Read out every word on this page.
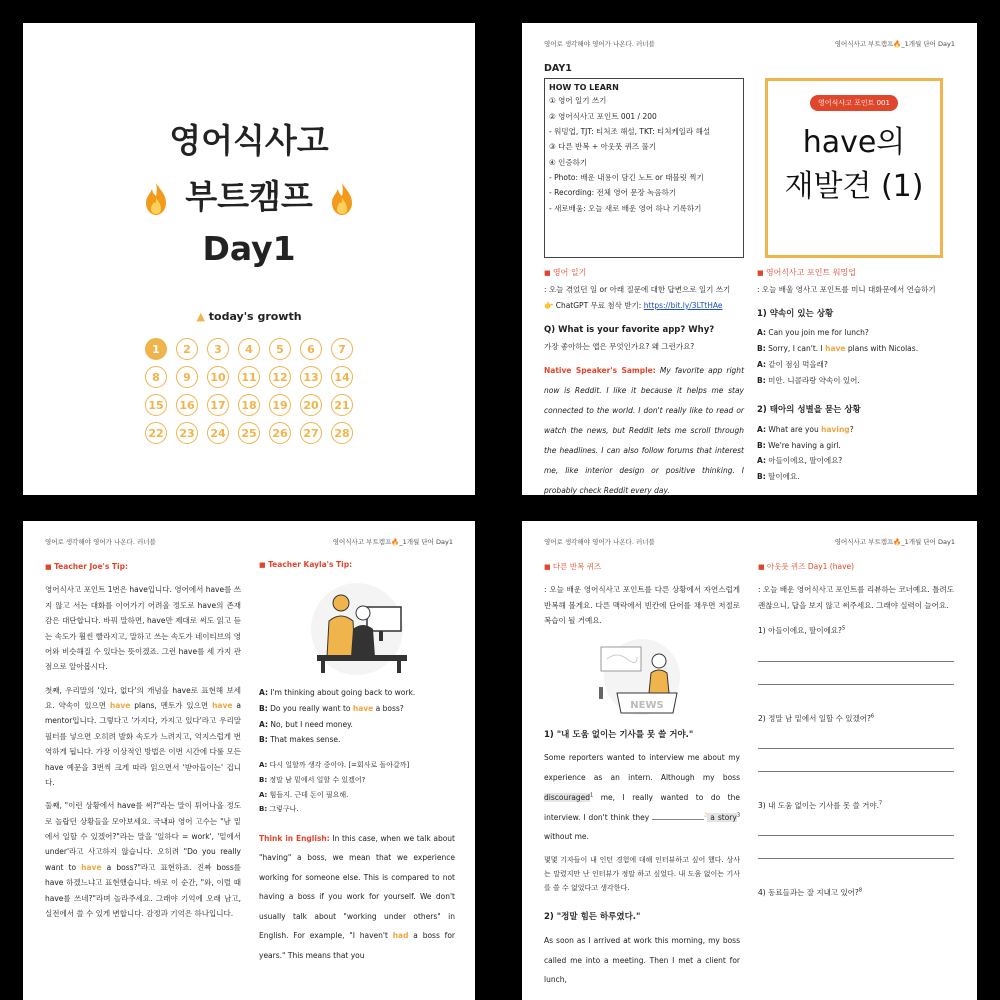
영어식사고
부트캠프
Day1
▲ today's growth
1	2	3	4	5	6	7
8	9	10	11	12	13	14
15	16	17	18	19	20	21
22	23	24	25	26	27	28
영어로 생각해야 영어가 나온다. 러너블	영어식사고 부트캠프🔥_1개월 단어 Day1
DAY1
HOW TO LEARN
① 영어 일기 쓰기
② 영어식사고 포인트 001 / 200
- 워밍업, TJT: 티처조 해설, TKT: 티처케일라 해설
③ 다른 반복 + 아웃풋 퀴즈 풀기
④ 인증하기
- Photo: 배운 내용이 담긴 노트 or 태블릿 찍기
- Recording: 전체 영어 문장 녹음하기
- 새로배움: 오늘 새로 배운 영어 하나 기록하기
영어식사고 포인트 001
have의
재발견 (1)
■ 영어 일기
: 오늘 겪었던 일 or 아래 질문에 대한 답변으로 일기 쓰기
👉 ChatGPT 무료 첨삭 받기: https://bit.ly/3LTtHAe
Q) What is your favorite app? Why?
가장 좋아하는 앱은 무엇인가요? 왜 그런가요?
Native Speaker's Sample: My favorite app right now is Reddit. I like it because it helps me stay connected to the world. I don't really like to read or watch the news, but Reddit lets me scroll through the headlines. I can also follow forums that interest me, like interior design or positive thinking. I probably check Reddit every day.
■ 영어식사고 포인트 워밍업
: 오늘 배울 영사고 포인트를 미니 대화문에서 연습하기
1) 약속이 있는 상황
A: Can you join me for lunch?
B: Sorry, I can't. I have plans with Nicolas.
A: 같이 점심 먹을래?
B: 미안. 니콜라랑 약속이 있어.
2) 태아의 성별을 묻는 상황
A: What are you having?
B: We're having a girl.
A: 아들이에요, 딸이에요?
B: 딸이에요.
영어로 생각해야 영어가 나온다. 러너블	영어식사고 부트캠프🔥_1개월 단어 Day1
■ Teacher Joe's Tip:

영어식사고 포인트 1번은 have입니다. 영어에서 have를 쓰지 않고 서는 대화를 이어가기 어려울 정도로 have의 존재감은 대단합니다. 바꿔 말하면, have만 제대로 써도 읽고 듣는 속도가 훨씬 빨라지고, 말하고 쓰는 속도가 네이티브의 영어와 비슷해질 수 있다는 뜻이겠죠. 그런 have를 세 가지 관점으로 알아봅시다.

첫째, 우리말의 '있다, 없다'의 개념을 have로 표현해 보세요. 약속이 있으면 have plans, 멘토가 있으면 have a mentor입니다. 그렇다고 '가지다, 가지고 있다'라고 우리말 필터를 넣으면 오히려 발화 속도가 느려지고, 억지스럽게 번역하게 됩니다. 가장 이상적인 방법은 이번 시간에 다룰 모든 have 예문을 3번씩 크게 따라 읽으면서 '받아들이는' 겁니다.

둘째, "이런 상황에서 have를 써?"라는 말이 튀어나올 정도로 놀랍던 상황들을 모아보세요. 국내파 영어 고수는 "남 밑에서 일할 수 있겠어?"라는 말을 '일하다 = work', '밑에서 under'라고 사고하지 않습니다. 오히려 "Do you really want to have a boss?"라고 표현하죠. 진짜 boss를 have 하겠느냐고 표현했습니다. 바로 이 순간, "와, 이럴 때 have를 쓰네?"라며 놀라주세요. 그래야 기억에 오래 남고, 실전에서 쓸 수 있게 변합니다. 감정과 기억은 하나입니다.

■ Teacher Kayla's Tip:
A: I'm thinking about going back to work.
B: Do you really want to have a boss?
A: No, but I need money.
B: That makes sense.
A: 다시 일할까 생각 중이야. [=회사로 돌아갈까]
B: 정말 남 밑에서 일할 수 있겠어?
A: 힘들지. 근데 돈이 필요해.
B: 그렇구나.
Think in English: In this case, when we talk about "having" a boss, we mean that we experience working for someone else. This is compared to not having a boss if you work for yourself. We don't usually talk about "working under others" in English. For example, "I haven't had a boss for years." This means that you
영어로 생각해야 영어가 나온다. 러너블	영어식사고 부트캠프🔥_1개월 단어 Day1
■ 다른 반복 퀴즈

: 오늘 배운 영어식사고 포인트를 다른 상황에서 자연스럽게 반복해 볼게요. 다른 맥락에서 빈칸에 단어를 채우면 저절로 복습이 될 거예요.

NEWS
1) "내 도움 없이는 기사를 못 쓸 거야."
Some reporters wanted to interview me about my experience as an intern. Although my boss discouraged$^1$ me, I really wanted to do the interview. I don't think they	$^2$ a story$^3$ without me.
몇몇 기자들이 내 인턴 경험에 대해 인터뷰하고 싶어 했다. 상사는 말렸지만 난 인터뷰가 정말 하고 싶었다. 내 도움 없이는 기사를 쓸 수 없었다고 생각한다.
2) "정말 힘든 하루였다."
As soon as I arrived at work this morning, my boss called me into a meeting. Then I met a client for lunch,
■ 아웃풋 퀴즈 Day1 (have)

: 오늘 배운 영어식사고 포인트를 리뷰하는 코너예요. 틀려도 괜찮으니, 답을 보지 않고 써주세요. 그래야 실력이 늘어요.

1) 아들이에요, 딸이에요?$^5$
2) 정말 남 밑에서 일할 수 있겠어?$^6$
3) 내 도움 없이는 기사를 못 쓸 거야.$^7$
4) 동료들과는 잘 지내고 있어?$^8$
